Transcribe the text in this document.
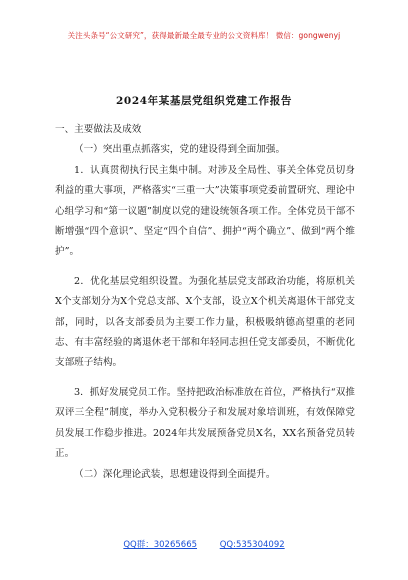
关注头条号“公文研究”，获得最新最全最专业的公文资料库！ 微信：gongwenyj
2024年某基层党组织党建工作报告

一、主要做法及成效

（一）突出重点抓落实，党的建设得到全面加强。

1．认真贯彻执行民主集中制。对涉及全局性、事关全体党员切身利益的重大事项，严格落实“三重一大”决策事项党委前置研究、理论中心组学习和“第一议题”制度以党的建设统领各项工作。全体党员干部不断增强“四个意识”、坚定“四个自信”、拥护“两个确立”、做到“两个维护”。

2．优化基层党组织设置。为强化基层党支部政治功能，将原机关X个支部划分为X个党总支部、X个支部，设立X个机关离退休干部党支部，同时，以各支部委员为主要工作力量，积极吸纳德高望重的老同志、有丰富经验的离退休老干部和年轻同志担任党支部委员，不断优化支部班子结构。

3．抓好发展党员工作。坚持把政治标准放在首位，严格执行“双推双评三全程”制度，举办入党积极分子和发展对象培训班，有效保障党员发展工作稳步推进。2024年共发展预备党员X名，XX名预备党员转正。

（二）深化理论武装，思想建设得到全面提升。

QQ群：30265665	QQ:535304092
